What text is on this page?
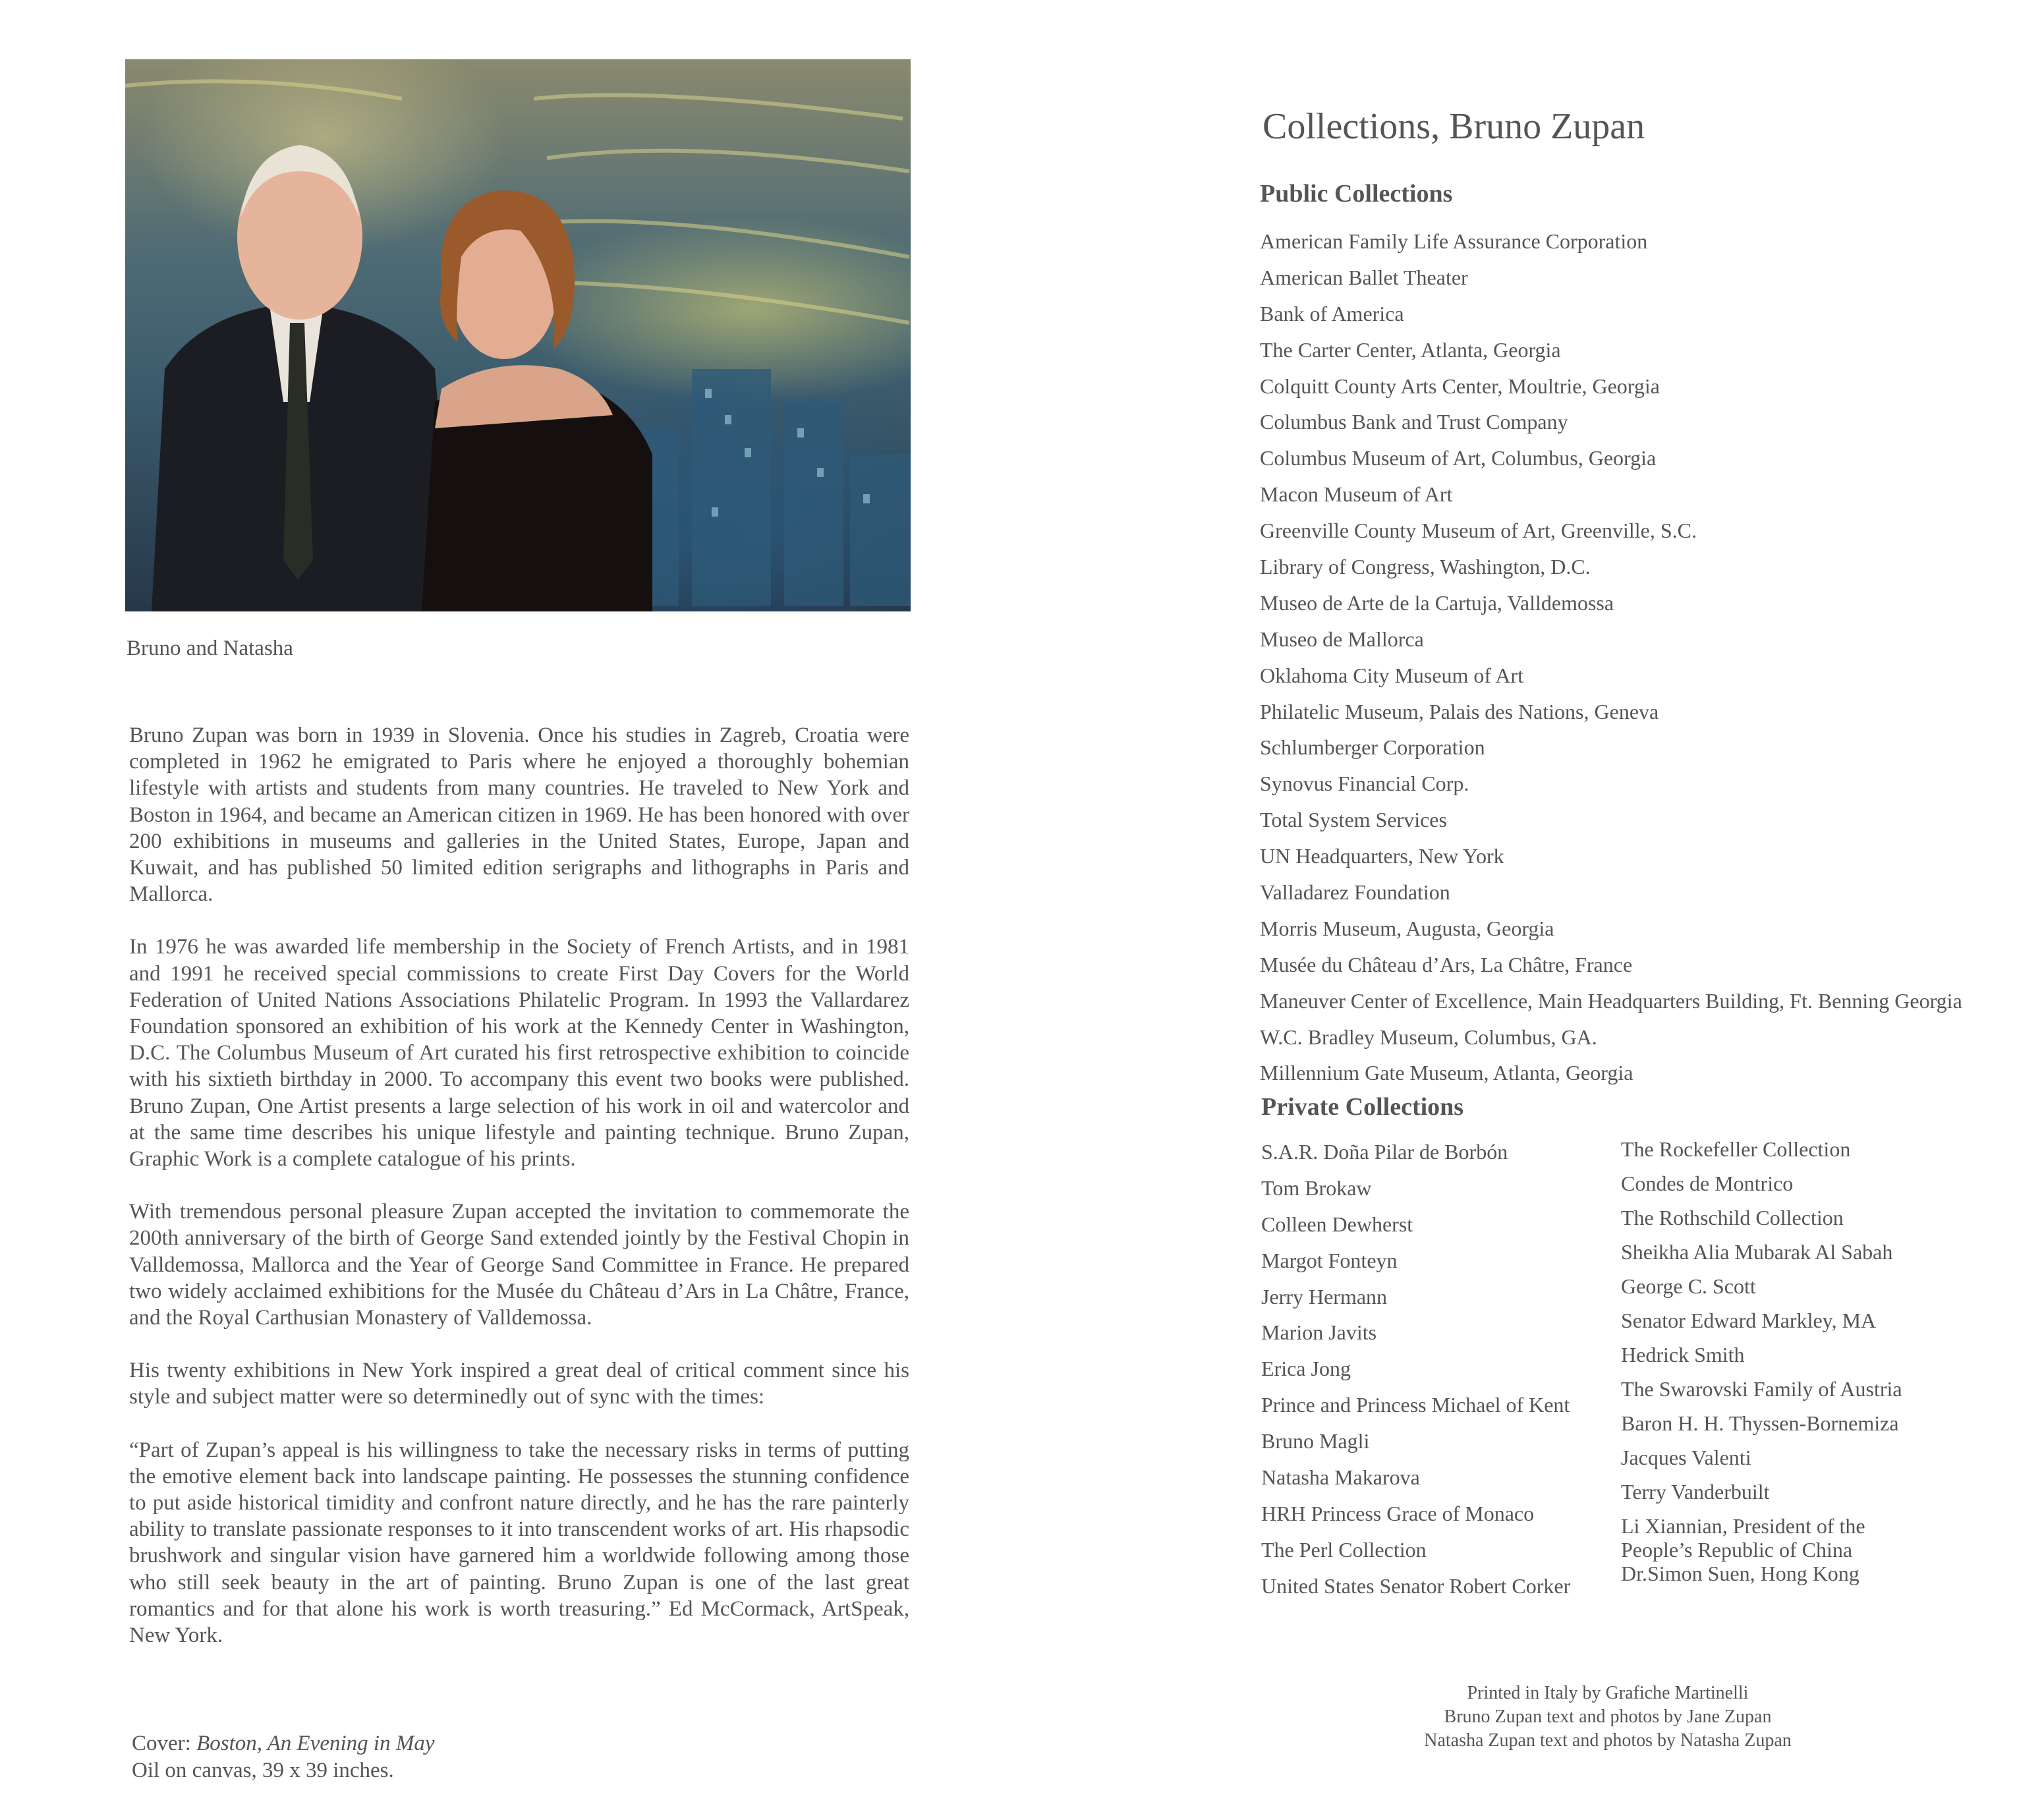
Bruno and Natasha

Bruno Zupan was born in 1939 in Slovenia. Once his studies in Zagreb, Croatia were completed in 1962 he emigrated to Paris where he enjoyed a thoroughly bohemian lifestyle with artists and students from many countries. He traveled to New York and Boston in 1964, and became an American citizen in 1969. He has been honored with over 200 exhibitions in museums and galleries in the United States, Europe, Japan and Kuwait, and has published 50 limited edition serigraphs and lithographs in Paris and Mallorca.

In 1976 he was awarded life membership in the Society of French Artists, and in 1981 and 1991 he received special commissions to create First Day Covers for the World Federation of United Nations Associations Philatelic Program. In 1993 the Vallardarez Foundation sponsored an exhibition of his work at the Kennedy Center in Washington, D.C. The Columbus Museum of Art curated his first retrospective exhibition to coincide with his sixtieth birthday in 2000. To accompany this event two books were published. Bruno Zupan, One Artist presents a large selection of his work in oil and watercolor and at the same time describes his unique lifestyle and painting technique. Bruno Zupan, Graphic Work is a complete catalogue of his prints.

With tremendous personal pleasure Zupan accepted the invitation to commemorate the 200th anniversary of the birth of George Sand extended jointly by the Festival Chopin in Valldemossa, Mallorca and the Year of George Sand Committee in France. He prepared two widely acclaimed exhibitions for the Musée du Château d’Ars in La Châtre, France, and the Royal Carthusian Monastery of Valldemossa.

His twenty exhibitions in New York inspired a great deal of critical comment since his style and subject matter were so determinedly out of sync with the times:

“Part of Zupan’s appeal is his willingness to take the necessary risks in terms of putting the emotive element back into landscape painting. He possesses the stunning confidence to put aside historical timidity and confront nature directly, and he has the rare painterly ability to translate passionate responses to it into transcendent works of art. His rhapsodic brushwork and singular vision have garnered him a worldwide following among those who still seek beauty in the art of painting. Bruno Zupan is one of the last great romantics and for that alone his work is worth treasuring.” Ed McCormack, ArtSpeak, New York.

Cover: Boston, An Evening in May
Oil on canvas, 39 x 39 inches.
Collections, Bruno Zupan
Public Collections
American Family Life Assurance Corporation
American Ballet Theater
Bank of America
The Carter Center, Atlanta, Georgia
Colquitt County Arts Center, Moultrie, Georgia
Columbus Bank and Trust Company
Columbus Museum of Art, Columbus, Georgia
Macon Museum of Art
Greenville County Museum of Art, Greenville, S.C.
Library of Congress, Washington, D.C.
Museo de Arte de la Cartuja, Valldemossa
Museo de Mallorca
Oklahoma City Museum of Art
Philatelic Museum, Palais des Nations, Geneva
Schlumberger Corporation
Synovus Financial Corp.
Total System Services
UN Headquarters, New York
Valladarez Foundation
Morris Museum, Augusta, Georgia
Musée du Château d’Ars, La Châtre, France
Maneuver Center of Excellence, Main Headquarters Building, Ft. Benning Georgia
W.C. Bradley Museum, Columbus, GA.
Millennium Gate Museum, Atlanta, Georgia
Private Collections
S.A.R. Doña Pilar de Borbón
Tom Brokaw
Colleen Dewherst
Margot Fonteyn
Jerry Hermann
Marion Javits
Erica Jong
Prince and Princess Michael of Kent
Bruno Magli
Natasha Makarova
HRH Princess Grace of Monaco
The Perl Collection
United States Senator Robert Corker
The Rockefeller Collection
Condes de Montrico
The Rothschild Collection
Sheikha Alia Mubarak Al Sabah
George C. Scott
Senator Edward Markley, MA
Hedrick Smith
The Swarovski Family of Austria
Baron H. H. Thyssen-Bornemiza
Jacques Valenti
Terry Vanderbuilt
Li Xiannian, President of the People’s Republic of China
Dr.Simon Suen, Hong Kong
Printed in Italy by Grafiche Martinelli
Bruno Zupan text and photos by Jane Zupan
Natasha Zupan text and photos by Natasha Zupan
